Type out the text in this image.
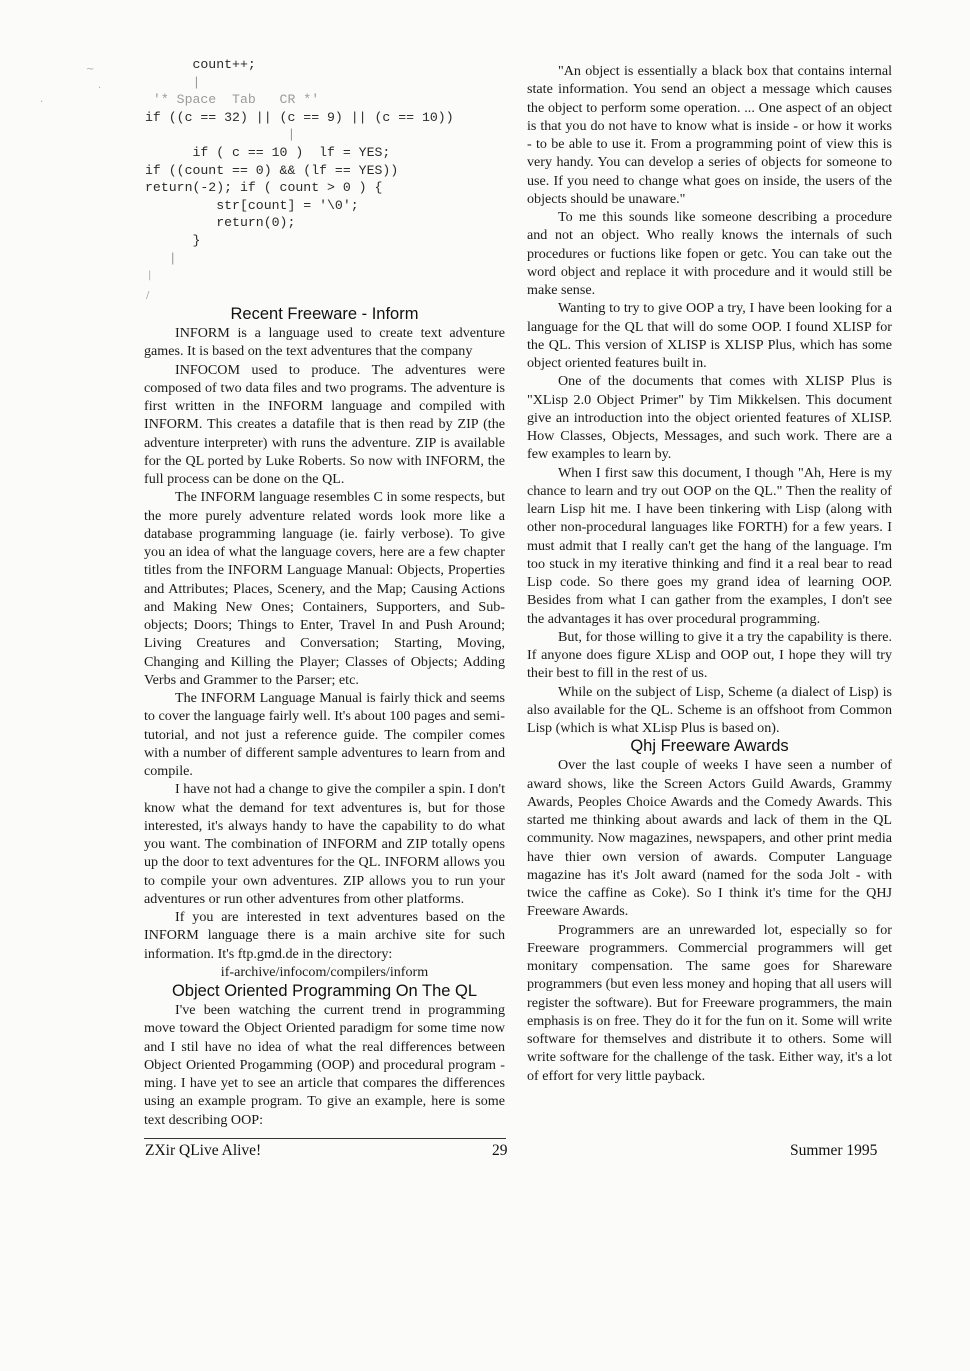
~
.
.
|
/
count++;
|
'* Space  Tab   CR *'
if ((c == 32) || (c == 9) || (c == 10))
|
if ( c == 10 )  lf = YES;
if ((count == 0) && (lf == YES))
return(-2); if ( count > 0 ) {
str[count] = '\0';
return(0);
}
|
Recent Freeware - Inform

INFORM is a language used to create text adventure games. It is based on the text adventures that the company

INFOCOM used to produce. The adventures were composed of two data files and two programs. The adventure is first written in the INFORM language and compiled with INFORM. This creates a datafile that is then read by ZIP (the adventure interpreter) with runs the adventure. ZIP is available for the QL ported by Luke Roberts. So now with INFORM, the full process can be done on the QL.

The INFORM language resembles C in some respects, but the more purely adventure related words look more like a database programming language (ie. fairly verbose). To give you an idea of what the language covers, here are a few chapter titles from the INFORM Language Manual: Objects, Properties and Attributes; Places, Scenery, and the Map; Causing Actions and Making New Ones; Containers, Supporters, and Sub-objects; Doors; Things to Enter, Travel In and Push Around; Living Creatures and Conversation; Starting, Moving, Changing and Killing the Player; Classes of Objects; Adding Verbs and Grammer to the Parser; etc.

The INFORM Language Manual is fairly thick and seems to cover the language fairly well. It's about 100 pages and semi-tutorial, and not just a reference guide. The compiler comes with a number of different sample adventures to learn from and compile.

I have not had a change to give the compiler a spin. I don't know what the demand for text adventures is, but for those interested, it's always handy to have the capability to do what you want. The combination of INFORM and ZIP totally opens up the door to text adventures for the QL. INFORM allows you to compile your own adventures. ZIP allows you to run your adventures or run other adventures from other platforms.

If you are interested in text adventures based on the INFORM language there is a main archive site for such information. It's ftp.gmd.de in the directory:

if-archive/infocom/compilers/inform

Object Oriented Programming On The QL

I've been watching the current trend in programming move toward the Object Oriented paradigm for some time now and I stil have no idea of what the real differences between Object Oriented Progamming (OOP) and procedural program -ming. I have yet to see an article that compares the differences using an example program. To give an example, here is some text describing OOP:

"An object is essentially a black box that contains internal state information. You send an object a message which causes the object to perform some operation. ... One aspect of an object is that you do not have to know what is inside - or how it works - to be able to use it. From a programming point of view this is very handy. You can develop a series of objects for someone to use. If you need to change what goes on inside, the users of the objects should be unaware."

To me this sounds like someone describing a procedure and not an object. Who really knows the internals of such procedures or fuctions like fopen or getc. You can take out the word object and replace it with procedure and it would still be make sense.

Wanting to try to give OOP a try, I have been looking for a language for the QL that will do some OOP. I found XLISP for the QL. This version of XLISP is XLISP Plus, which has some object oriented features built in.

One of the documents that comes with XLISP Plus is "XLisp 2.0 Object Primer" by Tim Mikkelsen. This document give an introduction into the object oriented features of XLISP. How Classes, Objects, Messages, and such work. There are a few examples to learn by.

When I first saw this document, I though "Ah, Here is my chance to learn and try out OOP on the QL." Then the reality of learn Lisp hit me. I have been tinkering with Lisp (along with other non-procedural languages like FORTH) for a few years. I must admit that I really can't get the hang of the language. I'm too stuck in my iterative thinking and find it a real bear to read Lisp code. So there goes my grand idea of learning OOP. Besides from what I can gather from the examples, I don't see the advantages it has over procedural programming.

But, for those willing to give it a try the capability is there. If anyone does figure XLisp and OOP out, I hope they will try their best to fill in the rest of us.

While on the subject of Lisp, Scheme (a dialect of Lisp) is also available for the QL. Scheme is an offshoot from Common Lisp (which is what XLisp Plus is based on).

Qhj Freeware Awards

Over the last couple of weeks I have seen a number of award shows, like the Screen Actors Guild Awards, Grammy Awards, Peoples Choice Awards and the Comedy Awards. This started me thinking about awards and lack of them in the QL community. Now magazines, newspapers, and other print media have thier own version of awards. Computer Language magazine has it's Jolt award (named for the soda Jolt - with twice the caffine as Coke). So I think it's time for the QHJ Freeware Awards.

Programmers are an unrewarded lot, especially so for Freeware programmers. Commercial programmers will get monitary compensation. The same goes for Shareware programmers (but even less money and hoping that all users will register the software). But for Freeware programmers, the main emphasis is on free. They do it for the fun on it. Some will write software for themselves and distribute it to others. Some will write software for the challenge of the task. Either way, it's a lot of effort for very little payback.

ZXir QLive Alive!	29	Summer 1995
